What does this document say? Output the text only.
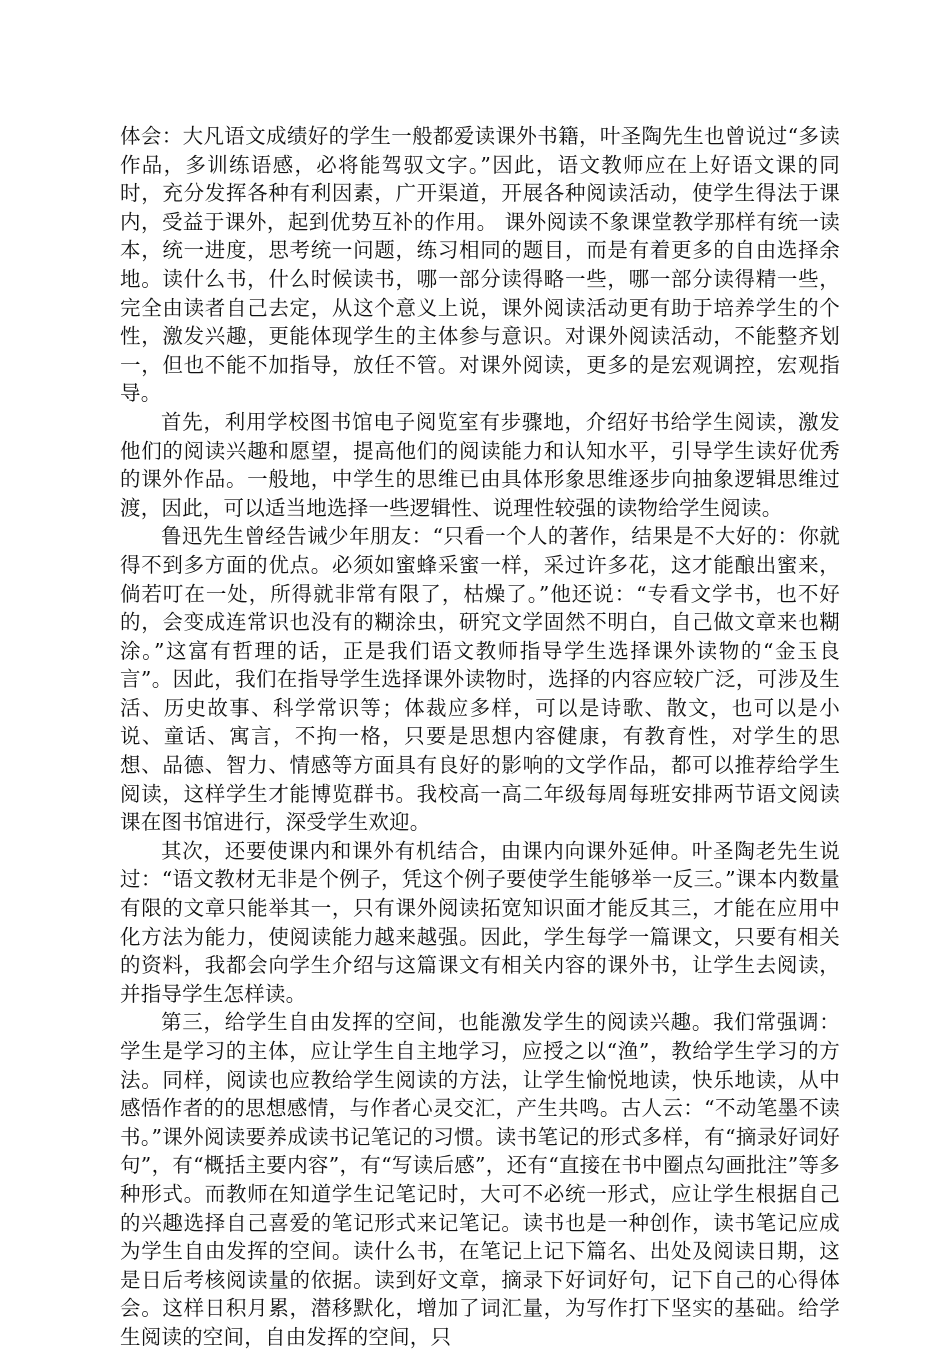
体会：大凡语文成绩好的学生一般都爱读课外书籍，叶圣陶先生也曾说过“多读作品，多训练语感，必将能驾驭文字。”因此，语文教师应在上好语文课的同时，充分发挥各种有利因素，广开渠道，开展各种阅读活动，使学生得法于课内，受益于课外，起到优势互补的作用。 课外阅读不象课堂教学那样有统一读本，统一进度，思考统一问题，练习相同的题目，而是有着更多的自由选择余地。读什么书，什么时候读书，哪一部分读得略一些，哪一部分读得精一些，完全由读者自己去定，从这个意义上说，课外阅读活动更有助于培养学生的个性，激发兴趣，更能体现学生的主体参与意识。对课外阅读活动，不能整齐划一，但也不能不加指导，放任不管。对课外阅读，更多的是宏观调控，宏观指导。

首先，利用学校图书馆电子阅览室有步骤地，介绍好书给学生阅读，激发他们的阅读兴趣和愿望，提高他们的阅读能力和认知水平，引导学生读好优秀的课外作品。一般地，中学生的思维已由具体形象思维逐步向抽象逻辑思维过渡，因此，可以适当地选择一些逻辑性、说理性较强的读物给学生阅读。

鲁迅先生曾经告诫少年朋友：“只看一个人的著作，结果是不大好的：你就得不到多方面的优点。必须如蜜蜂采蜜一样，采过许多花，这才能酿出蜜来，倘若叮在一处，所得就非常有限了，枯燥了。”他还说：“专看文学书，也不好的，会变成连常识也没有的糊涂虫，研究文学固然不明白，自己做文章来也糊涂。”这富有哲理的话，正是我们语文教师指导学生选择课外读物的“金玉良言”。因此，我们在指导学生选择课外读物时，选择的内容应较广泛，可涉及生活、历史故事、科学常识等；体裁应多样，可以是诗歌、散文，也可以是小说、童话、寓言，不拘一格，只要是思想内容健康，有教育性，对学生的思想、品德、智力、情感等方面具有良好的影响的文学作品，都可以推荐给学生阅读，这样学生才能博览群书。我校高一高二年级每周每班安排两节语文阅读课在图书馆进行，深受学生欢迎。

其次，还要使课内和课外有机结合，由课内向课外延伸。叶圣陶老先生说过：“语文教材无非是个例子，凭这个例子要使学生能够举一反三。”课本内数量有限的文章只能举其一，只有课外阅读拓宽知识面才能反其三，才能在应用中化方法为能力，使阅读能力越来越强。因此，学生每学一篇课文，只要有相关的资料，我都会向学生介绍与这篇课文有相关内容的课外书，让学生去阅读，并指导学生怎样读。

第三，给学生自由发挥的空间，也能激发学生的阅读兴趣。我们常强调：学生是学习的主体，应让学生自主地学习，应授之以“渔”，教给学生学习的方法。同样，阅读也应教给学生阅读的方法，让学生愉悦地读，快乐地读，从中感悟作者的的思想感情，与作者心灵交汇，产生共鸣。古人云：“不动笔墨不读书。”课外阅读要养成读书记笔记的习惯。读书笔记的形式多样，有“摘录好词好句”，有“概括主要内容”，有“写读后感”，还有“直接在书中圈点勾画批注”等多种形式。而教师在知道学生记笔记时，大可不必统一形式，应让学生根据自己的兴趣选择自己喜爱的笔记形式来记笔记。读书也是一种创作，读书笔记应成为学生自由发挥的空间。读什么书，在笔记上记下篇名、出处及阅读日期，这是日后考核阅读量的依据。读到好文章，摘录下好词好句，记下自己的心得体会。这样日积月累，潜移默化，增加了词汇量，为写作打下坚实的基础。给学生阅读的空间，自由发挥的空间，只
